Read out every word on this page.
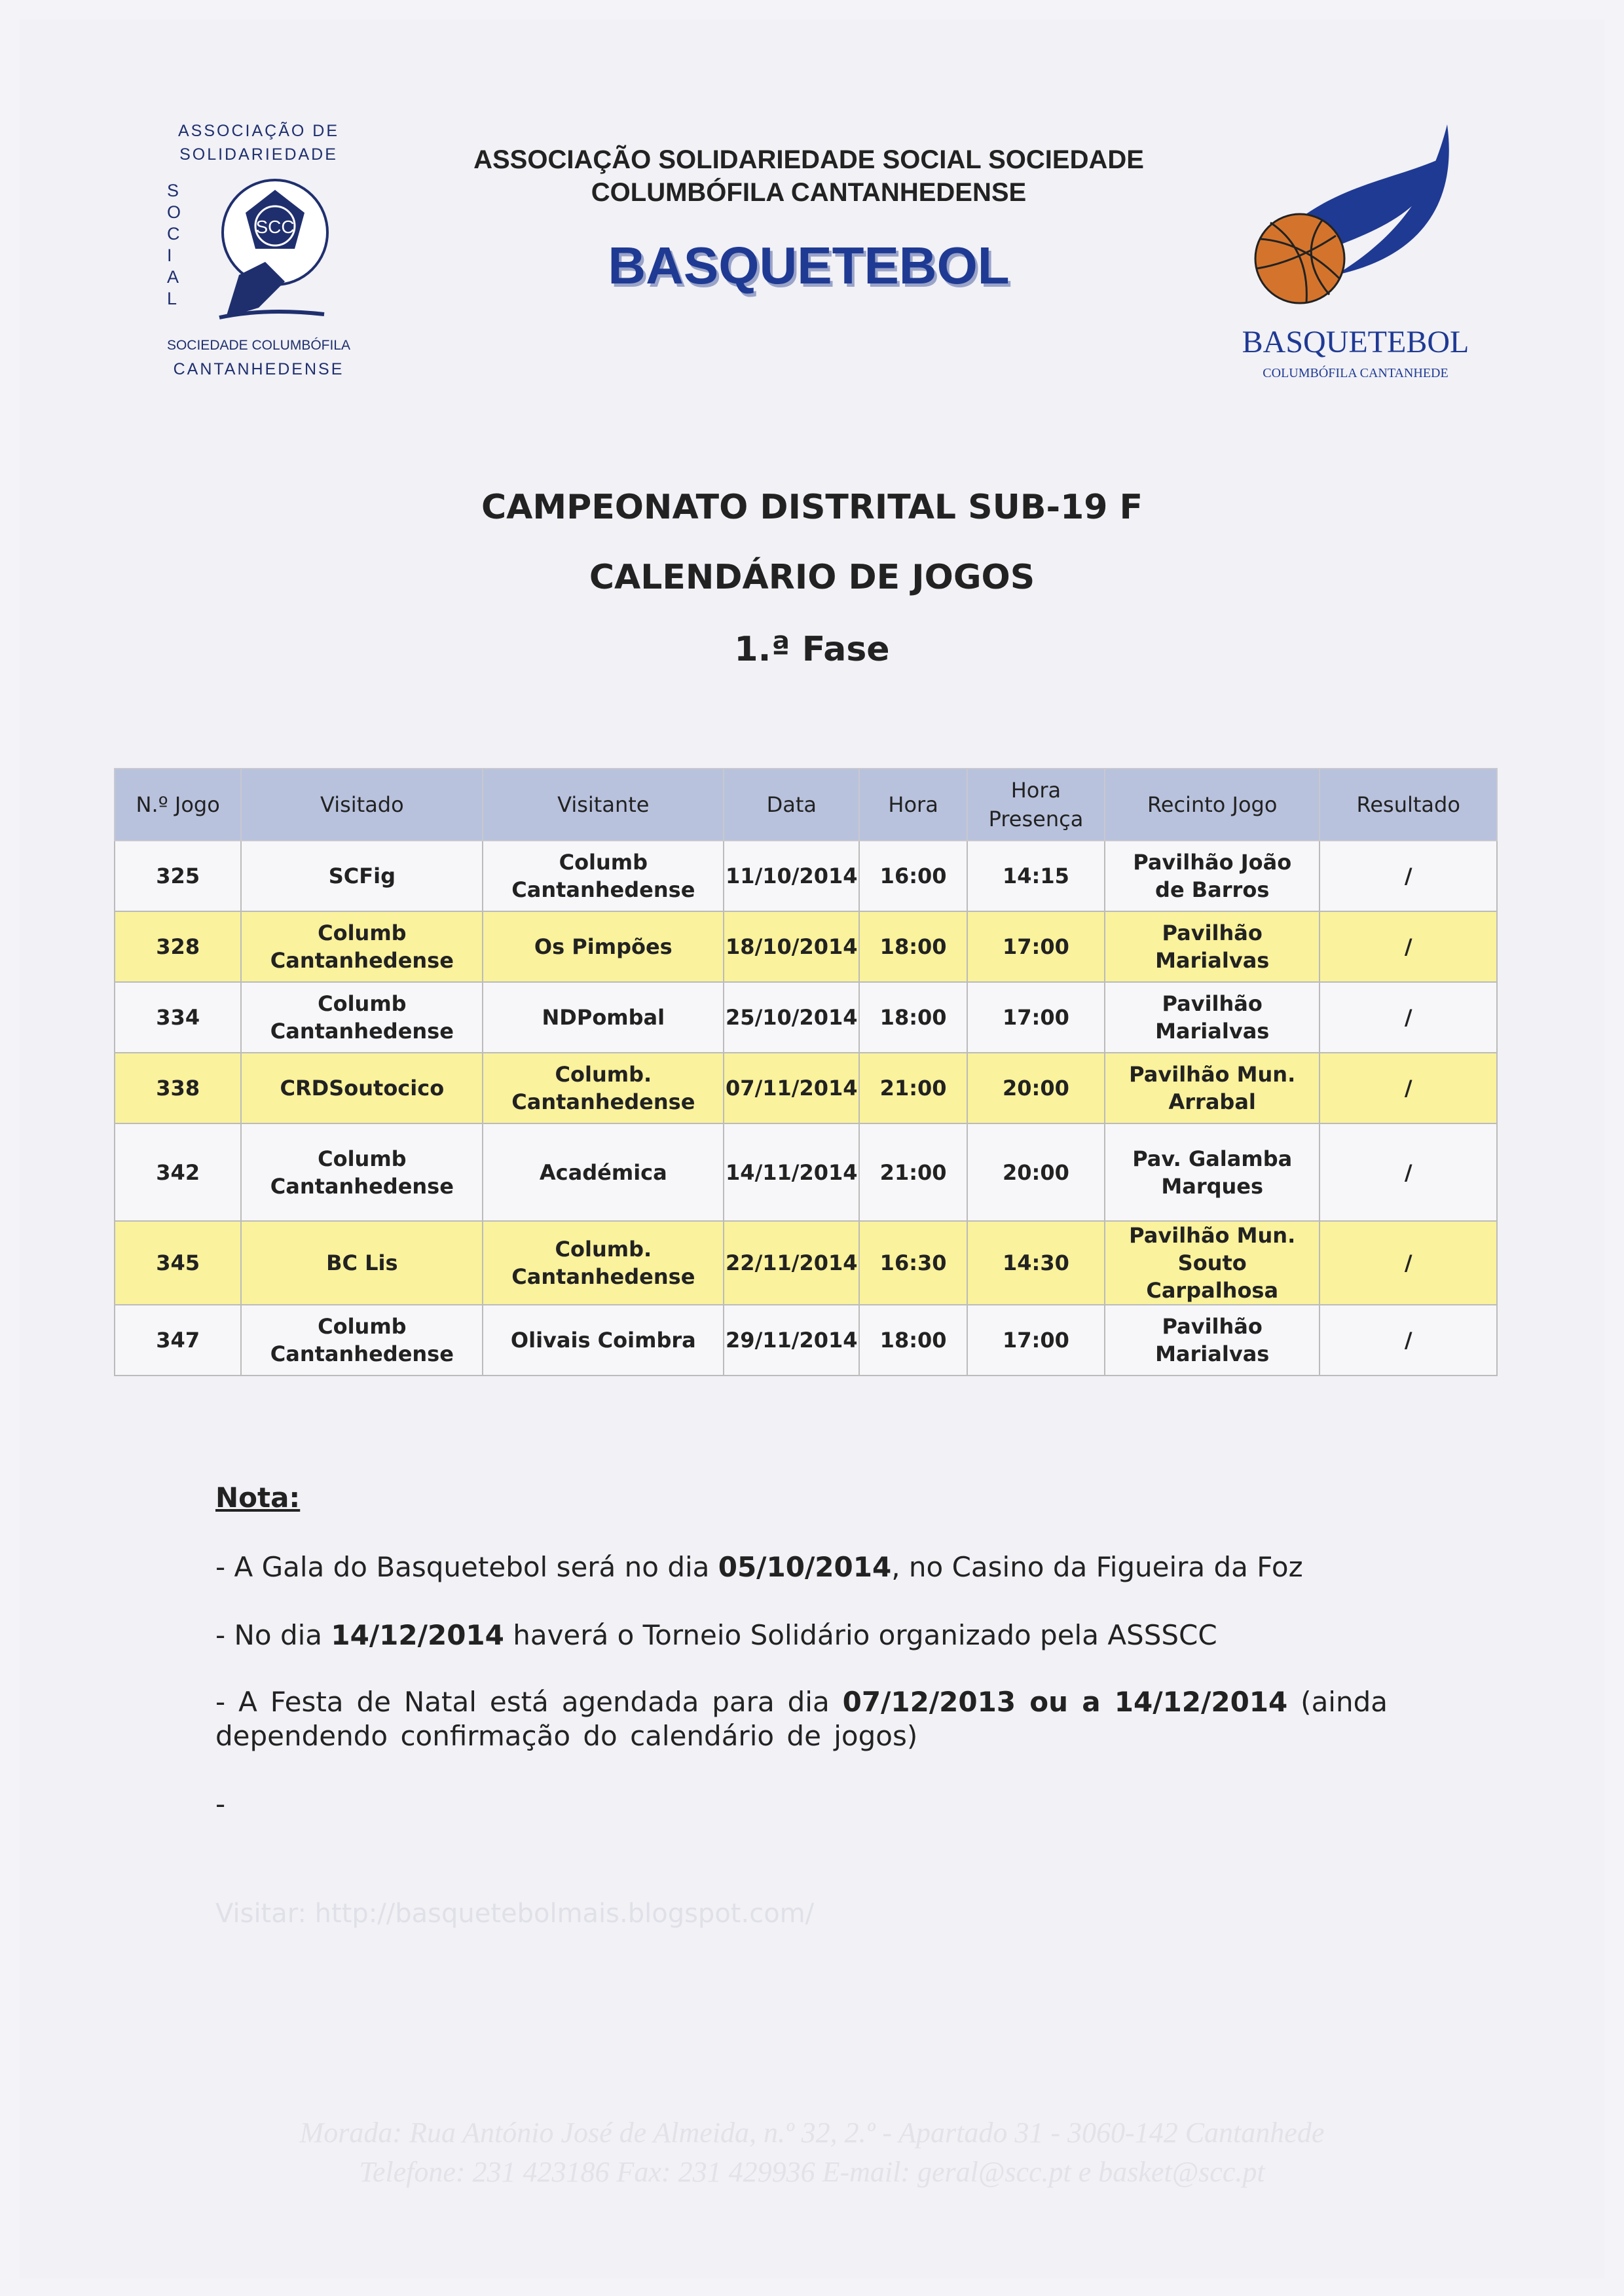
ASSOCIAÇÃO DE
SOLIDARIEDADE
SOCIAL
SCC
SOCIEDADE COLUMBÓFILA
CANTANHEDENSE
ASSOCIAÇÃO SOLIDARIEDADE SOCIAL SOCIEDADE
COLUMBÓFILA CANTANHEDENSE
BASQUETEBOL
BASQUETEBOL
COLUMBÓFILA CANTANHEDE
CAMPEONATO DISTRITAL SUB-19 F
CALENDÁRIO DE JOGOS
1.ª Fase
N.º Jogo	Visitado	Visitante	Data	Hora	Hora Presença	Recinto Jogo	Resultado
325	SCFig	Columb Cantanhedense	11/10/2014	16:00	14:15	Pavilhão João de Barros	/
328	Columb Cantanhedense	Os Pimpões	18/10/2014	18:00	17:00	Pavilhão Marialvas	/
334	Columb Cantanhedense	NDPombal	25/10/2014	18:00	17:00	Pavilhão Marialvas	/
338	CRDSoutocico	Columb. Cantanhedense	07/11/2014	21:00	20:00	Pavilhão Mun. Arrabal	/
342	Columb Cantanhedense	Académica	14/11/2014	21:00	20:00	Pav. Galamba Marques	/
345	BC Lis	Columb. Cantanhedense	22/11/2014	16:30	14:30	Pavilhão Mun. Souto Carpalhosa	/
347	Columb Cantanhedense	Olivais Coimbra	29/11/2014	18:00	17:00	Pavilhão Marialvas	/
Nota:
- A Gala do Basquetebol será no dia 05/10/2014, no Casino da Figueira da Foz
- No dia 14/12/2014 haverá o Torneio Solidário organizado pela ASSSCC
- A Festa de Natal está agendada para dia 07/12/2013 ou a 14/12/2014 (ainda dependendo confirmação do calendário de jogos)
-
Visitar: http://basquetebolmais.blogspot.com/
Morada: Rua António José de Almeida, n.º 32, 2.º - Apartado 31 - 3060-142 Cantanhede
Telefone: 231 423186 Fax: 231 429936 E-mail: geral@scc.pt e basket@scc.pt
